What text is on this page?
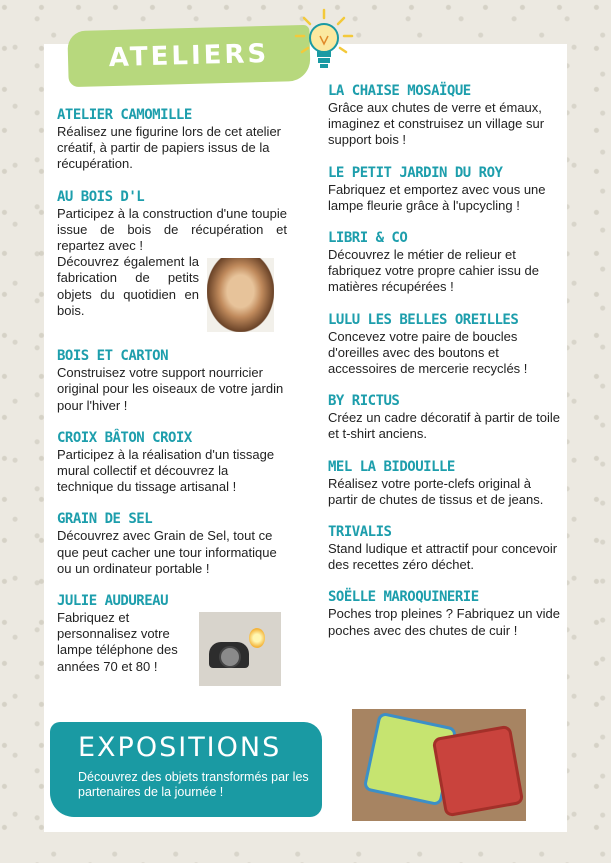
ATELIERS
ATELIER CAMOMILLE

Réalisez une figurine lors de cet atelier créatif, à partir de papiers issus de la récupération.

AU BOIS D'L

Participez à la construction d'une toupie issue de bois de récupération et repartez avec !

Découvrez également la fabrication de petits objets du quotidien en bois.

BOIS ET CARTON

Construisez votre support nourricier original pour les oiseaux de votre jardin pour l'hiver !

CROIX BÂTON CROIX

Participez à la réalisation d'un tissage mural collectif et découvrez la technique du tissage artisanal !

GRAIN DE SEL

Découvrez avec Grain de Sel, tout ce que peut cacher une tour informatique ou un ordinateur portable !

JULIE AUDUREAU

Fabriquez et personnalisez votre lampe téléphone des années 70 et 80 !

LA CHAISE MOSAÏQUE

Grâce aux chutes de verre et émaux, imaginez et construisez un village sur support bois !

LE PETIT JARDIN DU ROY

Fabriquez et emportez avec vous une lampe fleurie grâce à l'upcycling !

LIBRI & CO

Découvrez le métier de relieur et fabriquez votre propre cahier issu de matières récupérées !

LULU LES BELLES OREILLES

Concevez votre paire de boucles d'oreilles avec des boutons et accessoires de mercerie recyclés !

BY RICTUS

Créez un cadre décoratif à partir de toile et t-shirt anciens.

MEL LA BIDOUILLE

Réalisez votre porte-clefs original à partir de chutes de tissus et de jeans.

TRIVALIS

Stand ludique et attractif pour concevoir des recettes zéro déchet.

SOËLLE MAROQUINERIE

Poches trop pleines ? Fabriquez un vide poches avec des chutes de cuir !

EXPOSITIONS
Découvrez des objets transformés par les partenaires de la journée !
